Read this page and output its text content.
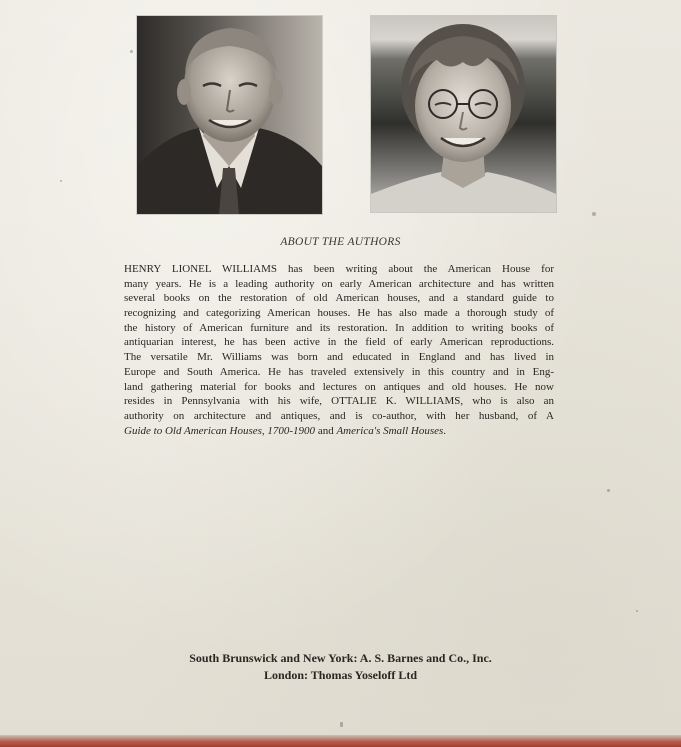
ABOUT THE AUTHORS

HENRY LIONEL WILLIAMS has been writing about the American House for
many years. He is a leading authority on early American architecture and has written
several books on the restoration of old American houses, and a standard guide to
recognizing and categorizing American houses. He has also made a thorough study of
the history of American furniture and its restoration. In addition to writing books of
antiquarian interest, he has been active in the field of early American reproductions.
The versatile Mr. Williams was born and educated in England and has lived in
Europe and South America. He has traveled extensively in this country and in Eng-
land gathering material for books and lectures on antiques and old houses. He now
resides in Pennsylvania with his wife, OTTALIE K. WILLIAMS, who is also an
authority on architecture and antiques, and is co-author, with her husband, of A
Guide to Old American Houses, 1700-1900 and America's Small Houses.

South Brunswick and New York: A. S. Barnes and Co., Inc.
London: Thomas Yoseloff Ltd
